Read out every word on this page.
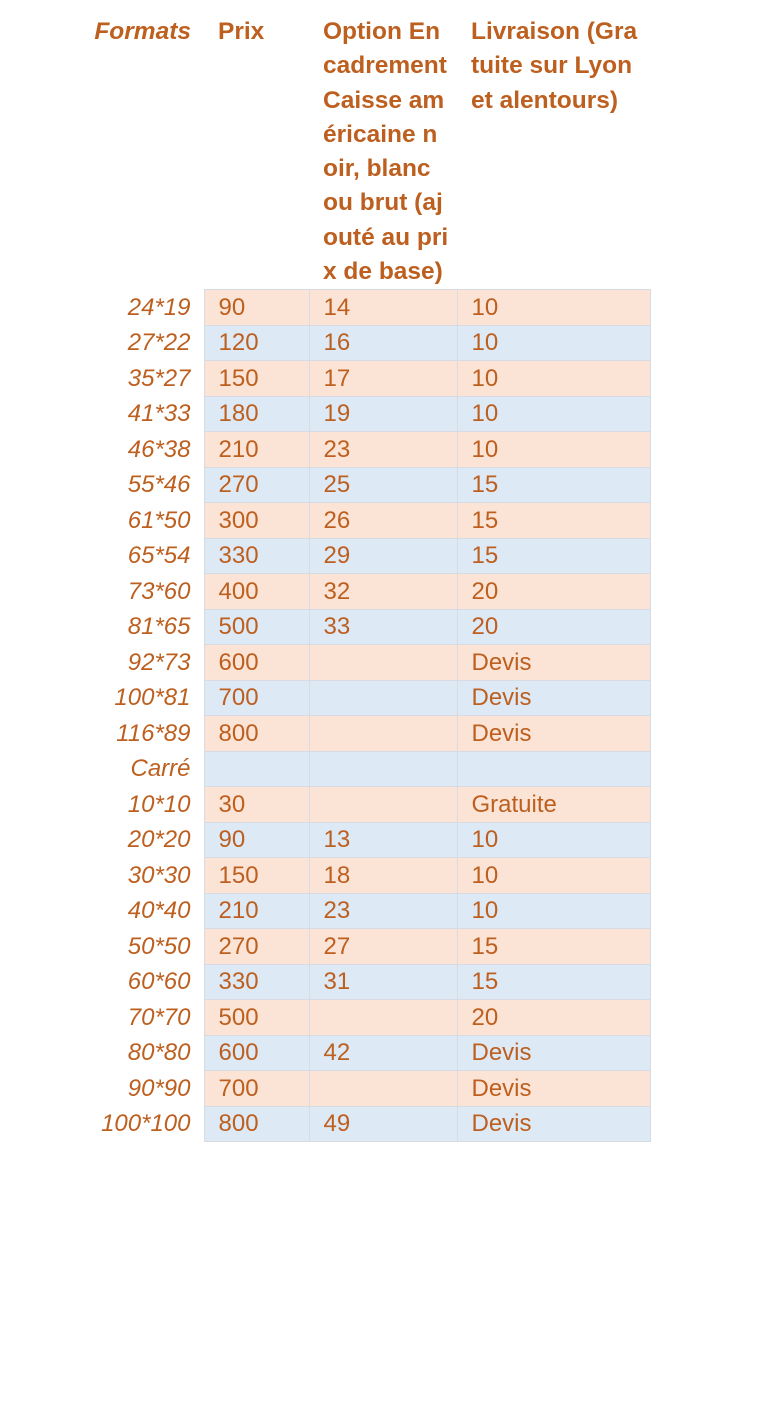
Formats	Prix	Option Encadrement Caisse américaine noir, blanc ou brut (ajouté au prix de base)	Livraison (Gratuite sur Lyon et alentours)
24*19	90	14	10
27*22	120	16	10
35*27	150	17	10
41*33	180	19	10
46*38	210	23	10
55*46	270	25	15
61*50	300	26	15
65*54	330	29	15
73*60	400	32	20
81*65	500	33	20
92*73	600		Devis
100*81	700		Devis
116*89	800		Devis
Carré			
10*10	30		Gratuite
20*20	90	13	10
30*30	150	18	10
40*40	210	23	10
50*50	270	27	15
60*60	330	31	15
70*70	500		20
80*80	600	42	Devis
90*90	700		Devis
100*100	800	49	Devis
